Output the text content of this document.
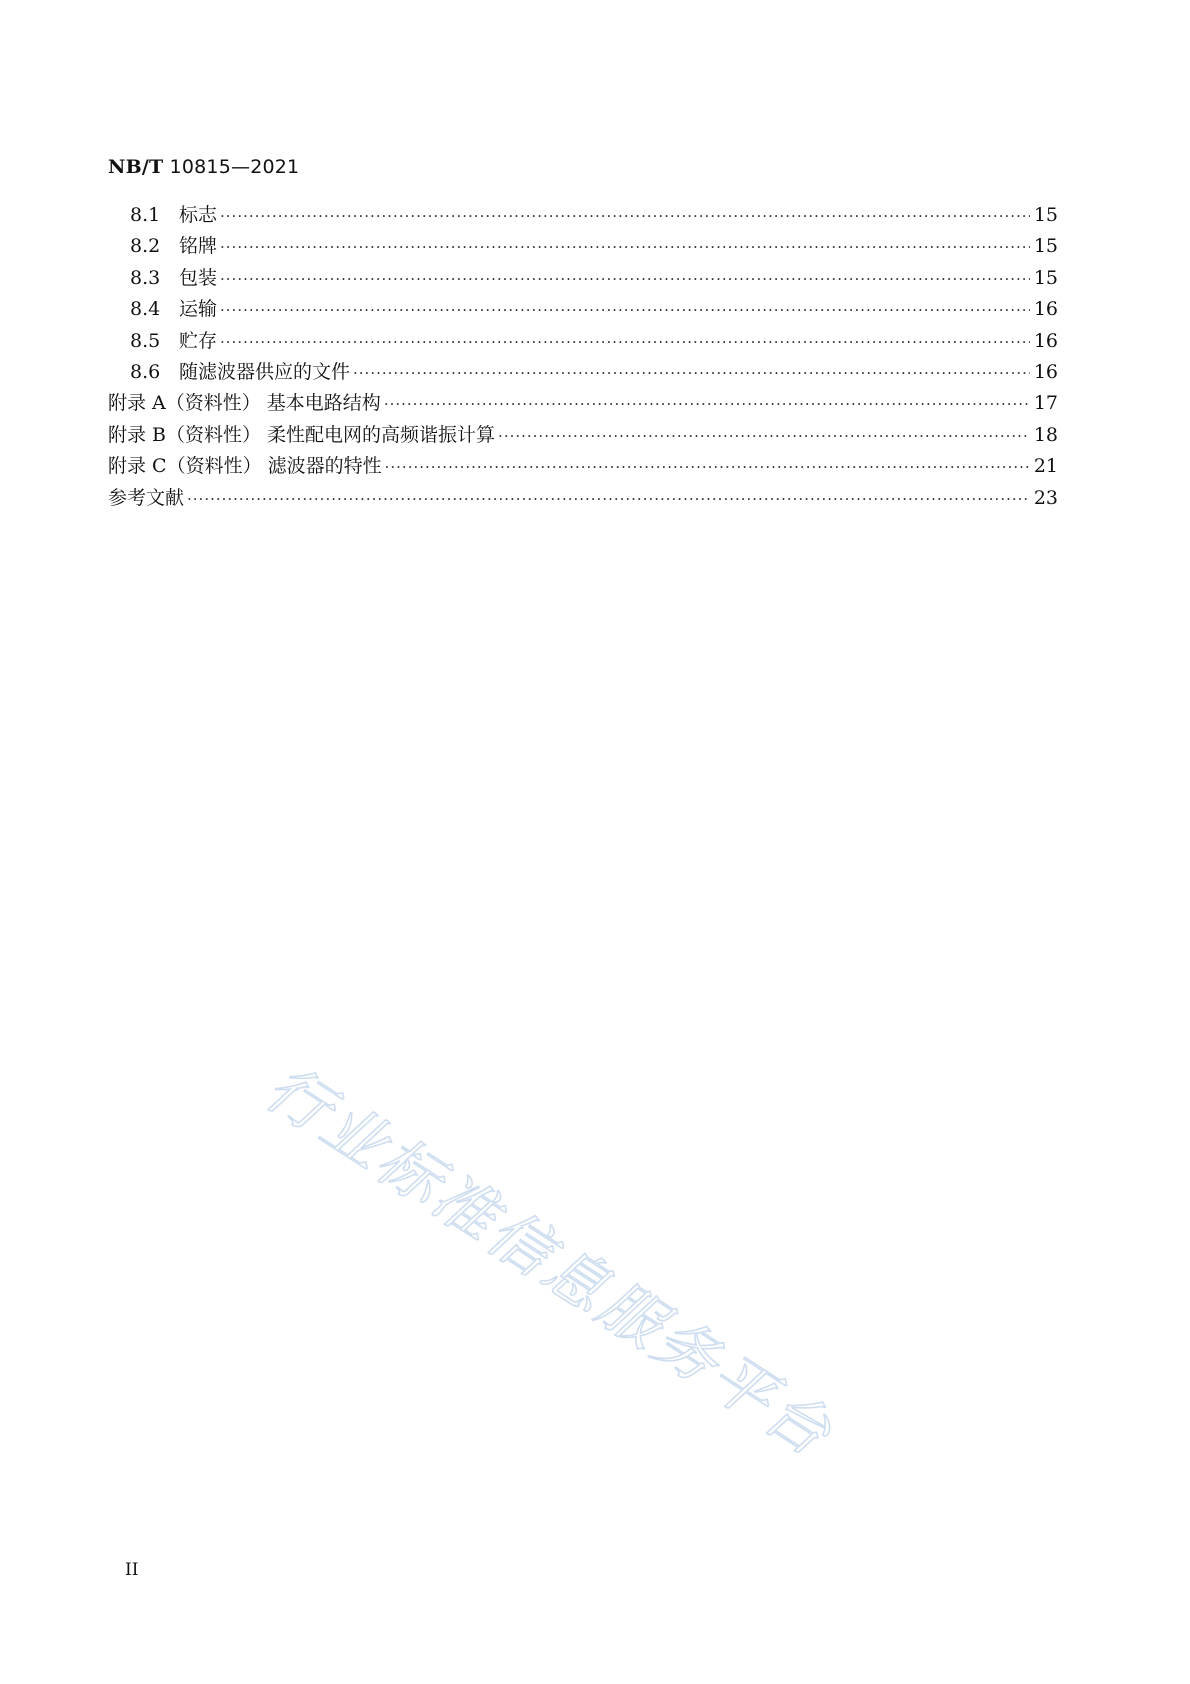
NB/T 10815—2021
8.1 标志 ·····	15
8.2 铭牌 ·····	15
8.3 包装 ·····	15
8.4 运输 ·····	16
8.5 贮存 ·····	16
8.6 随滤波器供应的文件 ·····	16
附录 A（资料性） 基本电路结构 ·····	17
附录 B（资料性） 柔性配电网的高频谐振计算 ·····	18
附录 C（资料性） 滤波器的特性 ·····	21
参考文献 ·····	23
行业标准信息服务平台
II
